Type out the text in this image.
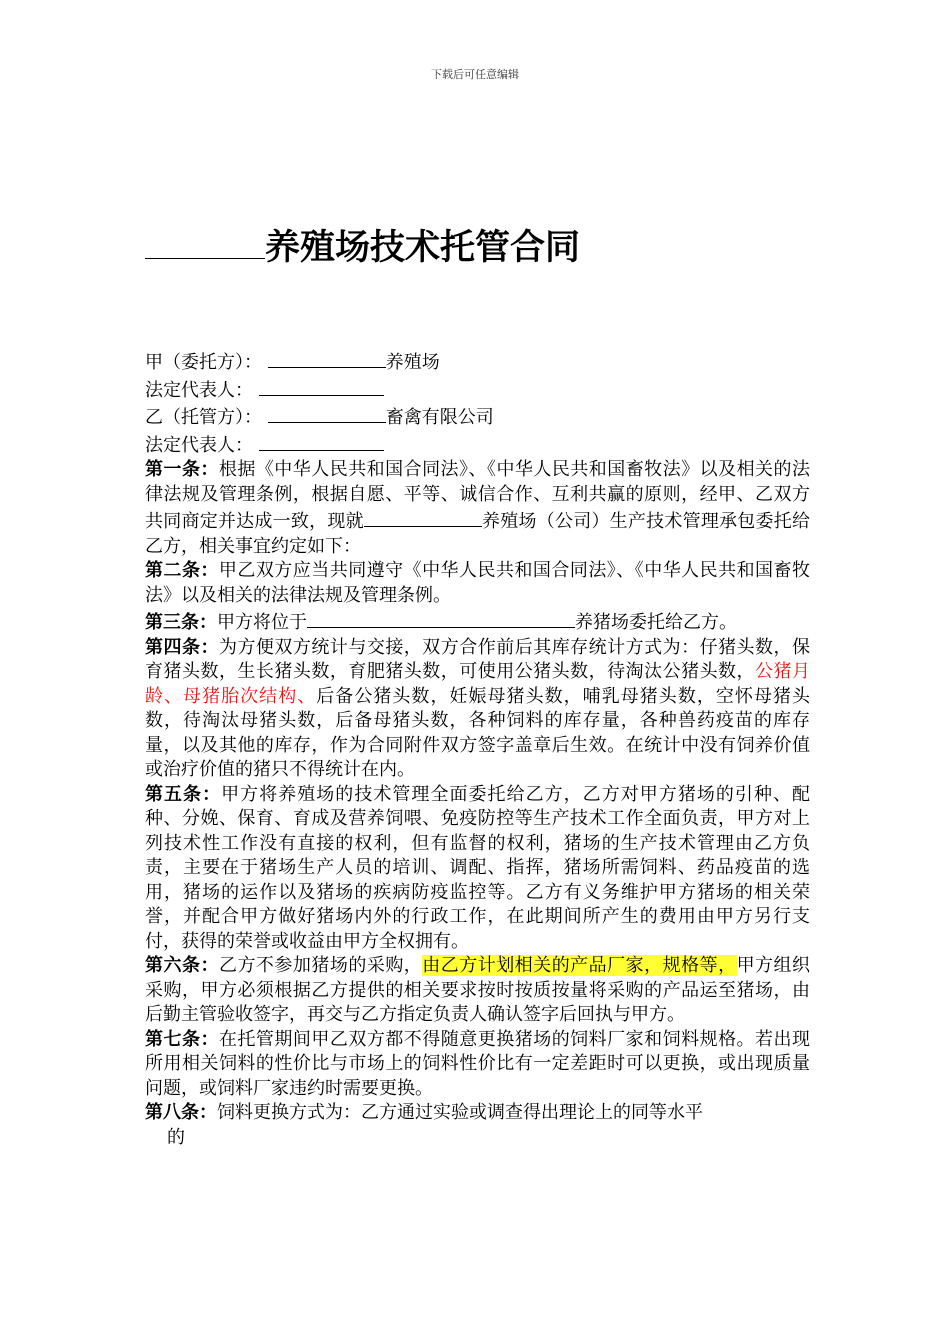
下载后可任意编辑
养殖场技术托管合同
甲（委托方）：	养殖场
法定代表人：
乙（托管方）：	畜禽有限公司
法定代表人：

第一条：根据《中华人民共和国合同法》、《中华人民共和国畜牧法》以及相关的法律法规及管理条例，根据自愿、平等、诚信合作、互利共赢的原则，经甲、乙双方共同商定并达成一致，现就	养殖场（公司）生产技术管理承包委托给乙方，相关事宜约定如下：

第二条：甲乙双方应当共同遵守《中华人民共和国合同法》、《中华人民共和国畜牧法》以及相关的法律法规及管理条例。

第三条：甲方将位于	养猪场委托给乙方。

第四条：为方便双方统计与交接，双方合作前后其库存统计方式为：仔猪头数，保育猪头数，生长猪头数，育肥猪头数，可使用公猪头数，待淘汰公猪头数，公猪月龄、母猪胎次结构、后备公猪头数，妊娠母猪头数，哺乳母猪头数，空怀母猪头数，待淘汰母猪头数，后备母猪头数，各种饲料的库存量，各种兽药疫苗的库存量，以及其他的库存，作为合同附件双方签字盖章后生效。在统计中没有饲养价值或治疗价值的猪只不得统计在内。

第五条：甲方将养殖场的技术管理全面委托给乙方，乙方对甲方猪场的引种、配种、分娩、保育、育成及营养饲喂、免疫防控等生产技术工作全面负责，甲方对上列技术性工作没有直接的权利，但有监督的权利，猪场的生产技术管理由乙方负责，主要在于猪场生产人员的培训、调配、指挥，猪场所需饲料、药品疫苗的选用，猪场的运作以及猪场的疾病防疫监控等。乙方有义务维护甲方猪场的相关荣誉，并配合甲方做好猪场内外的行政工作，在此期间所产生的费用由甲方另行支付，获得的荣誉或收益由甲方全权拥有。

第六条：乙方不参加猪场的采购，由乙方计划相关的产品厂家，规格等，甲方组织采购，甲方必须根据乙方提供的相关要求按时按质按量将采购的产品运至猪场，由后勤主管验收签字，再交与乙方指定负责人确认签字后回执与甲方。

第七条：在托管期间甲乙双方都不得随意更换猪场的饲料厂家和饲料规格。若出现所用相关饲料的性价比与市场上的饲料性价比有一定差距时可以更换，或出现质量问题，或饲料厂家违约时需要更换。

第八条：饲料更换方式为：乙方通过实验或调查得出理论上的同等水平
的
